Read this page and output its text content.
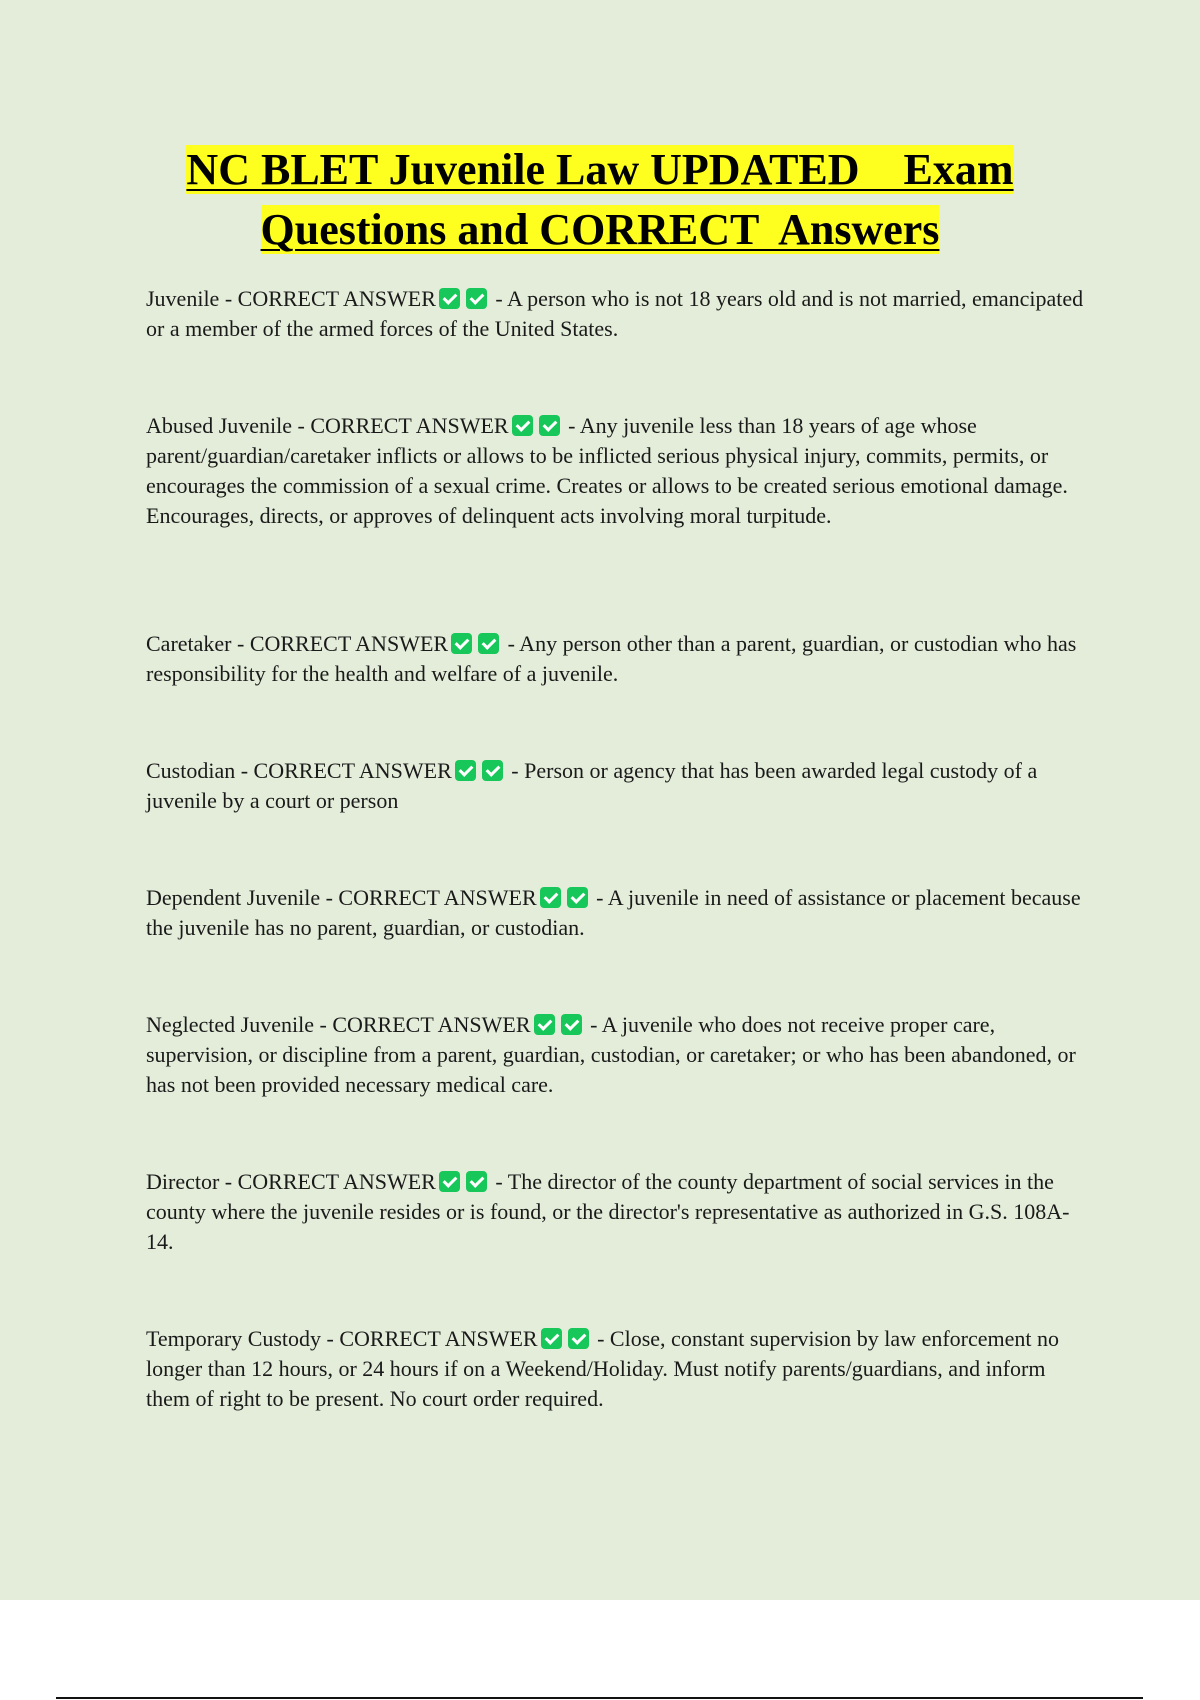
NC BLET Juvenile Law UPDATED    Exam
Questions and CORRECT  Answers

Juvenile - CORRECT ANSWER - A person who is not 18 years old and is not married, emancipated or a member of the armed forces of the United States.

Abused Juvenile - CORRECT ANSWER - Any juvenile less than 18 years of age whose parent/guardian/caretaker inflicts or allows to be inflicted serious physical injury, commits, permits, or encourages the commission of a sexual crime. Creates or allows to be created serious emotional damage. Encourages, directs, or approves of delinquent acts involving moral turpitude.

Caretaker - CORRECT ANSWER - Any person other than a parent, guardian, or custodian who has responsibility for the health and welfare of a juvenile.

Custodian - CORRECT ANSWER - Person or agency that has been awarded legal custody of a juvenile by a court or person

Dependent Juvenile - CORRECT ANSWER - A juvenile in need of assistance or placement because the juvenile has no parent, guardian, or custodian.

Neglected Juvenile - CORRECT ANSWER - A juvenile who does not receive proper care, supervision, or discipline from a parent, guardian, custodian, or caretaker; or who has been abandoned, or has not been provided necessary medical care.

Director - CORRECT ANSWER - The director of the county department of social services in the county where the juvenile resides or is found, or the director's representative as authorized in G.S. 108A-14.

Temporary Custody - CORRECT ANSWER - Close, constant supervision by law enforcement no longer than 12 hours, or 24 hours if on a Weekend/Holiday. Must notify parents/guardians, and inform them of right to be present. No court order required.
